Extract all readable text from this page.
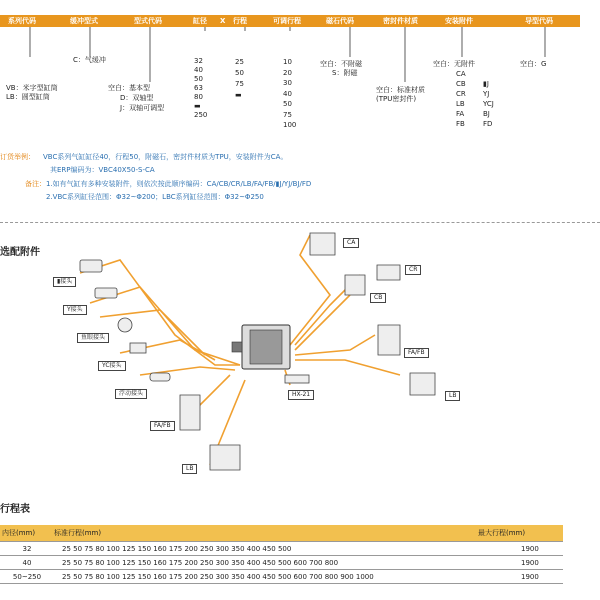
系列代码	缓冲型式	型式代码	缸径 X 行程	可调行程	磁石代码	密封件材质	安装附件	导型代码
C：气缓冲
VB：米字型缸筒
LB：圆型缸筒
空白：基本型
D：双轴型
J：双轴可调型
32
40
50
63
80
▬
250
25
50
75
▬
10
20
30
40
50
75
100
空白：不附磁
S：附磁
空白：标准材质
(TPU密封件)
空白：无附件
CA
CB
CR
LB
FA
FB
▮J
YJ
YCJ
BJ
FD
空白：G
订货举例： VBC系列气缸缸径40，行程50，附磁石，密封件材质为TPU，安装附件为CA。
其ERP编码为：VBC40X50-S-CA
备注： 1.如有气缸有多种安装附件，则依次按此顺序编码：CA/CB/CR/LB/FA/FB/▮J/YJ/BJ/FD
2.VBC系列缸径范围：Φ32~Φ200；LBC系列缸径范围：Φ32~Φ250
选配附件
▮接头
Y接头
鱼眼接头
YC接头
浮动接头
FA/FB
LB
CA
CR
CB
FA/FB
LB
HX-21
行程表
内径(mm)	标准行程(mm)	最大行程(mm)
32	25 50 75 80 100 125 150 160 175 200 250 300 350 400 450 500	1900
40	25 50 75 80 100 125 150 160 175 200 250 300 350 400 450 500 600 700 800	1900
50~250	25 50 75 80 100 125 150 160 175 200 250 300 350 400 450 500 600 700 800 900 1000	1900
